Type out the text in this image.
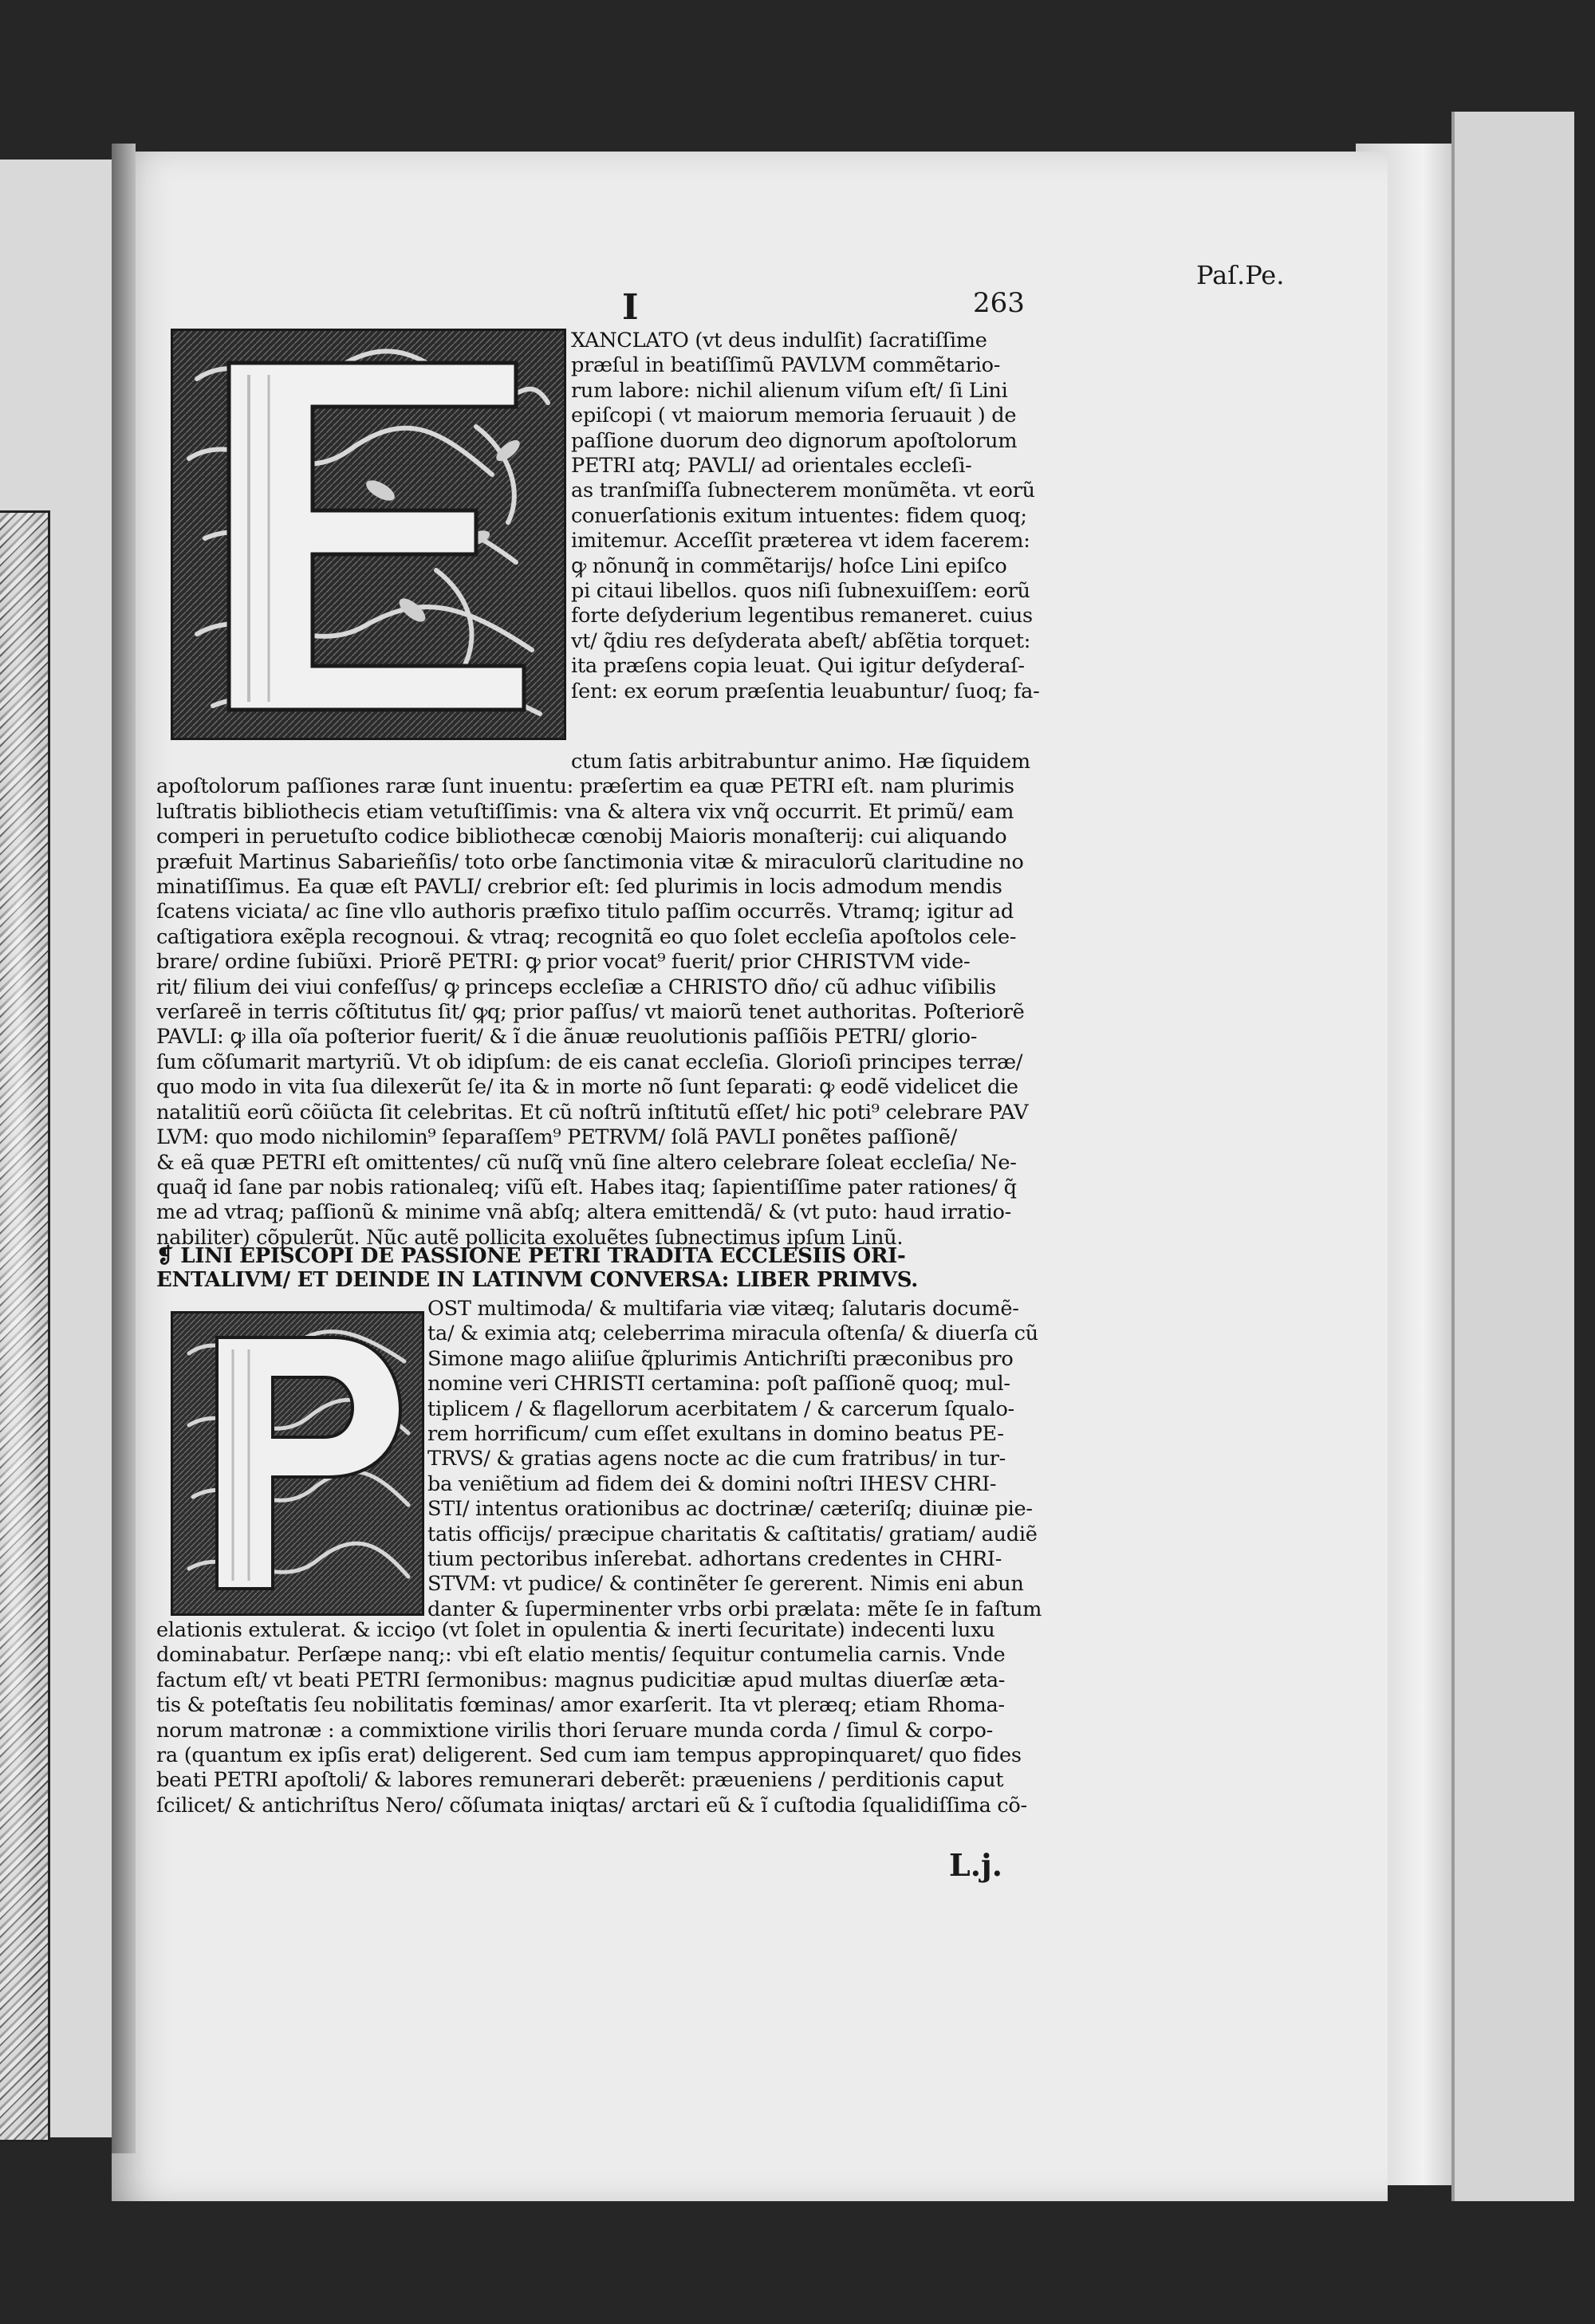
I	263
Paſ.Pe.
XANCLATO (vt deus indulſit) ſacratiſſime
præſul in beatiſſimũ PAVLVM commẽtario-
rum labore: nichil alienum viſum eſt/ ſi Lini
epiſcopi ( vt maiorum memoria ſeruauit ) de
paſſione duorum deo dignorum apoſtolorum
PETRI atq; PAVLI/ ad orientales eccleſi-
as tranſmiſſa ſubnecterem monũmẽta. vt eorũ
conuerſationis exitum intuentes: fidem quoq;
imitemur. Acceſſit præterea vt idem facerem:
ꝙ nõnunq̃ in commẽtarijs/ hoſce Lini epiſco
pi citaui libellos. quos niſi ſubnexuiſſem: eorũ
forte deſyderium legentibus remaneret. cuius
vt/ q̃diu res deſyderata abeſt/ abſẽtia torquet:
ita præſens copia leuat. Qui igitur deſyderaſ-
ſent: ex eorum præſentia leuabuntur/ ſuoq; fa-
ctum ſatis arbitrabuntur animo. Hæ ſiquidem
apoſtolorum paſſiones raræ ſunt inuentu: præſertim ea quæ PETRI eſt. nam plurimis
luſtratis bibliothecis etiam vetuſtiſſimis: vna & altera vix vnq̃ occurrit. Et primũ/ eam
comperi in peruetuſto codice bibliothecæ cœnobij Maioris monaſterij: cui aliquando
præfuit Martinus Sabarieñſis/ toto orbe ſanctimonia vitæ & miraculorũ claritudine no
minatiſſimus. Ea quæ eſt PAVLI/ crebrior eſt: ſed plurimis in locis admodum mendis
ſcatens viciata/ ac ſine vllo authoris præfixo titulo paſſim occurrẽs. Vtramq; igitur ad
caſtigatiora exẽpla recognoui. & vtraq; recognitã eo quo ſolet eccleſia apoſtolos cele-
brare/ ordine ſubiũxi. Priorẽ PETRI: ꝙ prior vocat⁹ fuerit/ prior CHRISTVM vide-
rit/ filium dei viui confeſſus/ ꝙ princeps eccleſiæ a CHRISTO dño/ cũ adhuc viſibilis
verſareẽ in terris cõſtitutus ſit/ ꝙq; prior paſſus/ vt maiorũ tenet authoritas. Poſteriorẽ
PAVLI: ꝙ illa oĩa poſterior fuerit/ & ĩ die ãnuæ reuolutionis paſſiõis PETRI/ glorio-
ſum cõſumarit martyriũ. Vt ob idipſum: de eis canat eccleſia. Glorioſi principes terræ/
quo modo in vita ſua dilexerũt ſe/ ita & in morte nõ ſunt ſeparati: ꝙ eodẽ videlicet die
natalitiũ eorũ cõiũcta ſit celebritas. Et cũ noſtrũ inſtitutũ eſſet/ hic poti⁹ celebrare PAV
LVM: quo modo nichilomin⁹ ſeparaſſem⁹ PETRVM/ ſolã PAVLI ponẽtes paſſionẽ/
& eã quæ PETRI eſt omittentes/ cũ nuſq̃ vnũ ſine altero celebrare ſoleat eccleſia/ Ne-
quaq̃ id ſane par nobis rationaleq; viſũ eſt. Habes itaq; ſapientiſſime pater rationes/ q̃
me ad vtraq; paſſionũ & minime vnã abſq; altera emittendã/ & (vt puto: haud irratio-
nabiliter) cõpulerũt. Nũc autẽ pollicita exoluẽtes ſubnectimus ipſum Linũ.
❡ LINI EPISCOPI DE PASSIONE PETRI TRADITA ECCLESIIS ORI-
ENTALIVM/ ET DEINDE IN LATINVM CONVERSA: LIBER PRIMVS.
OST multimoda/ & multifaria viæ vitæq; ſalutaris documẽ-
ta/ & eximia atq; celeberrima miracula oſtenſa/ & diuerſa cũ
Simone mago aliiſue q̃plurimis Antichriſti præconibus pro
nomine veri CHRISTI certamina: poſt paſſionẽ quoq; mul-
tiplicem / & flagellorum acerbitatem / & carcerum ſqualo-
rem horrificum/ cum eſſet exultans in domino beatus PE-
TRVS/ & gratias agens nocte ac die cum fratribus/ in tur-
ba veniẽtium ad fidem dei & domini noſtri IHESV CHRI-
STI/ intentus orationibus ac doctrinæ/ cæteriſq; diuinæ pie-
tatis officijs/ præcipue charitatis & caſtitatis/ gratiam/ audiẽ
tium pectoribus inſerebat. adhortans credentes in CHRI-
STVM: vt pudice/ & continẽter ſe gererent. Nimis eni abun
danter & ſuperminenter vrbs orbi prælata: mẽte ſe in faſtum
elationis extulerat. & icciꝯo (vt ſolet in opulentia & inerti ſecuritate) indecenti luxu
dominabatur. Perſæpe nanq;: vbi eſt elatio mentis/ ſequitur contumelia carnis. Vnde
factum eſt/ vt beati PETRI ſermonibus: magnus pudicitiæ apud multas diuerſæ æta-
tis & poteſtatis ſeu nobilitatis fœminas/ amor exarſerit. Ita vt pleræq; etiam Rhoma-
norum matronæ : a commixtione virilis thori ſeruare munda corda / ſimul & corpo-
ra (quantum ex ipſis erat) deligerent. Sed cum iam tempus appropinquaret/ quo fides
beati PETRI apoſtoli/ & labores remunerari deberẽt: præueniens / perditionis caput
ſcilicet/ & antichriſtus Nero/ cõſumata iniqtas/ arctari eũ & ĩ cuſtodia ſqualidiſſima cõ-
L.j.
